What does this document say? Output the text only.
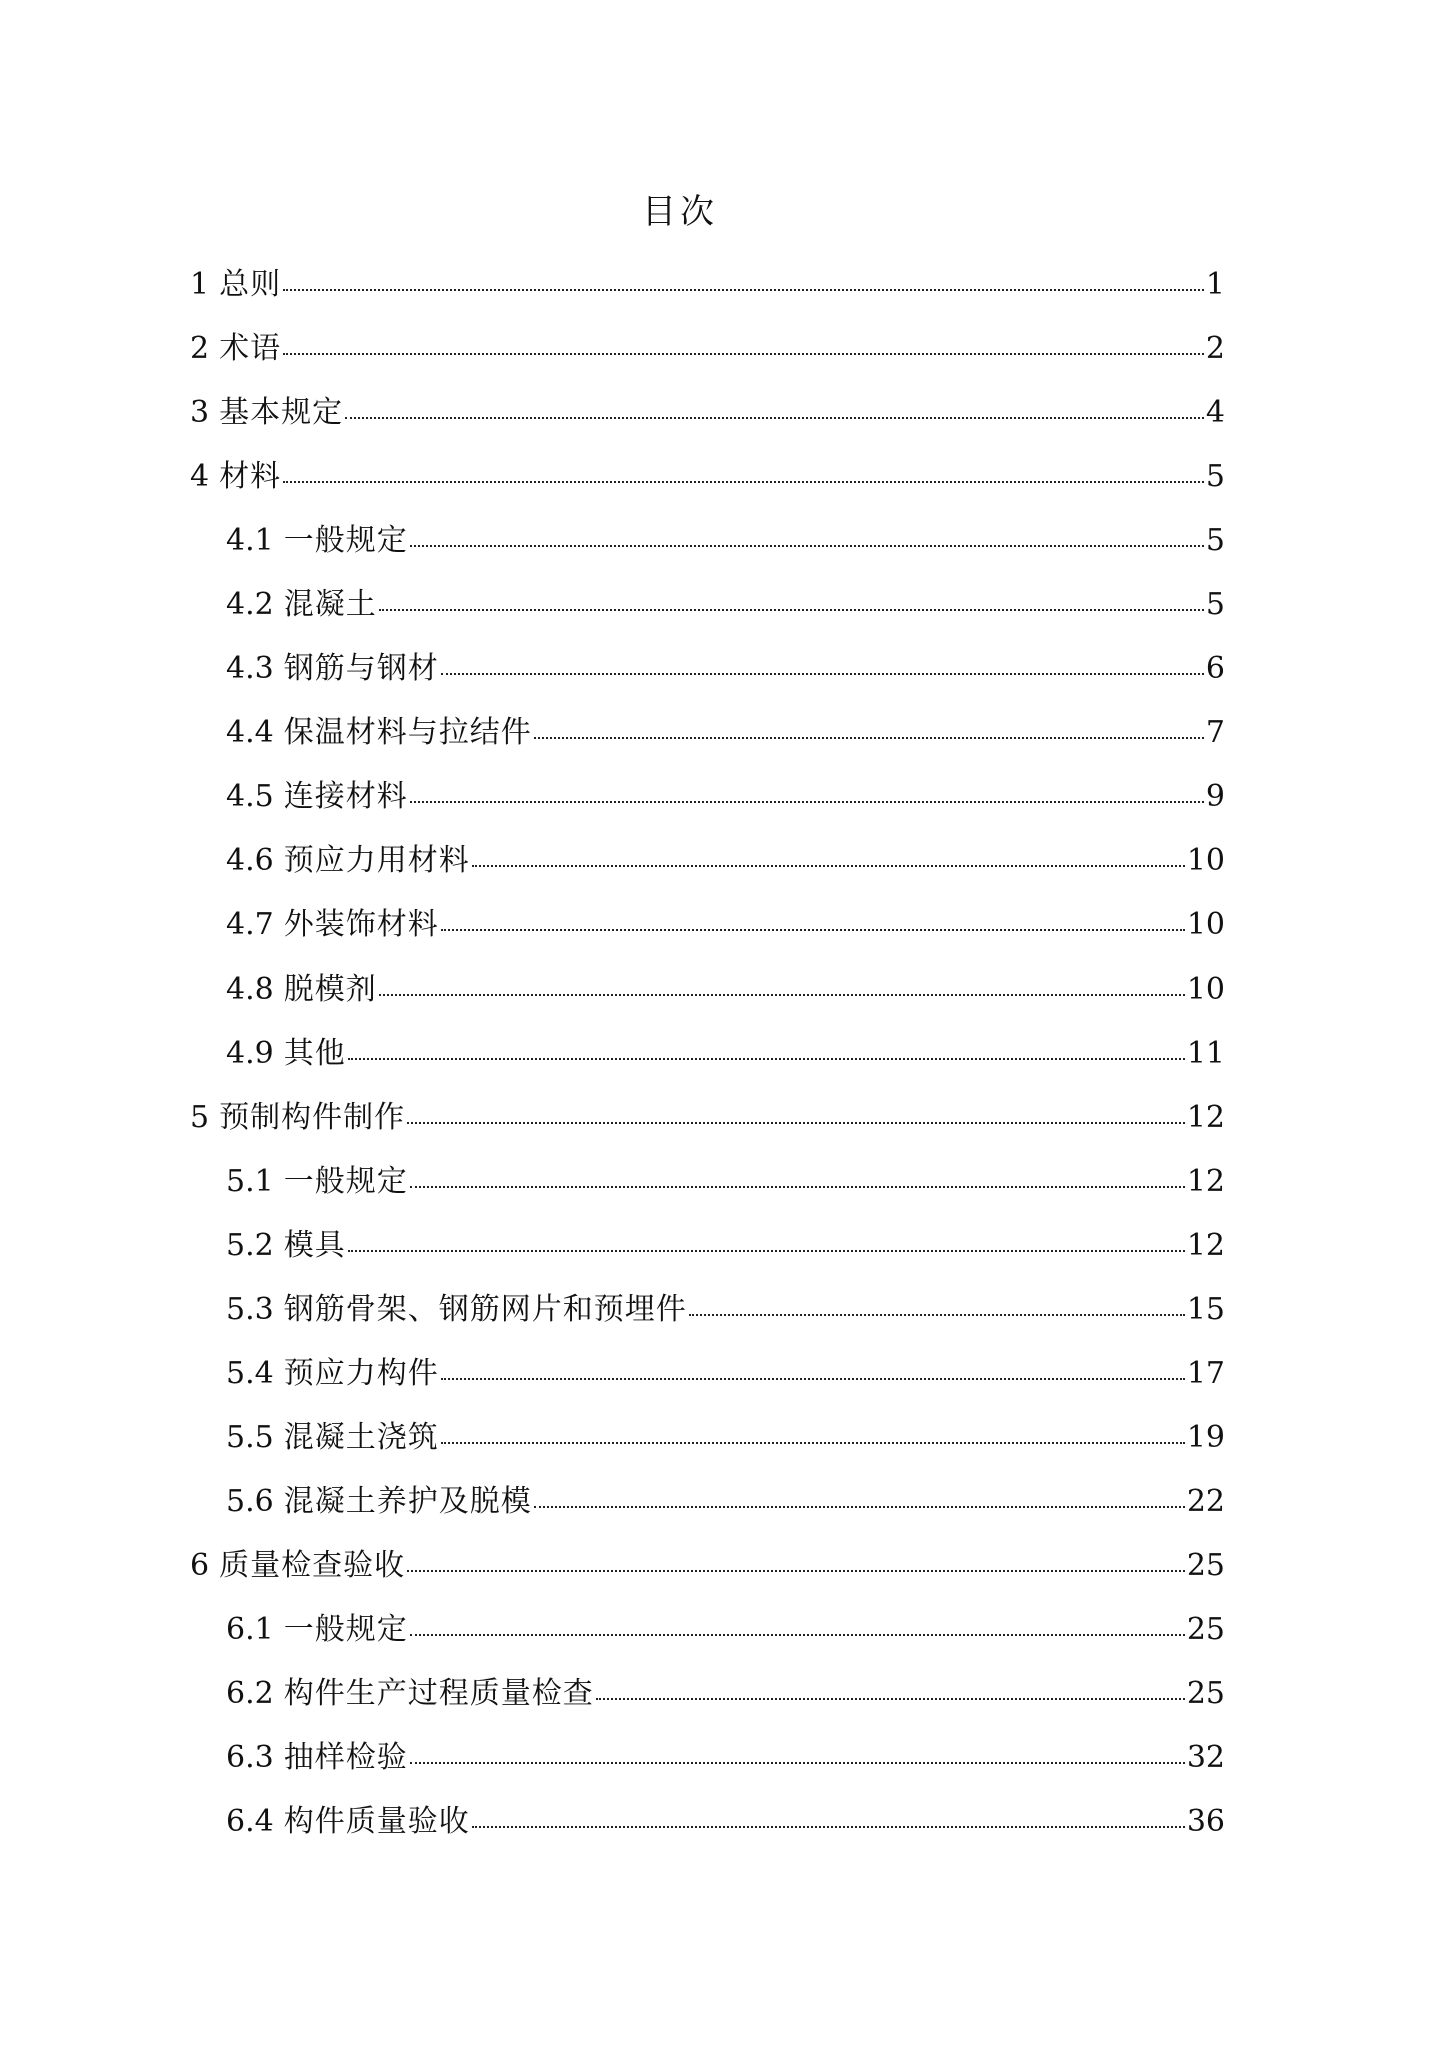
目次
1 总则	1
2 术语	2
3 基本规定	4
4 材料	5
4.1 一般规定	5
4.2 混凝土	5
4.3 钢筋与钢材	6
4.4 保温材料与拉结件	7
4.5 连接材料	9
4.6 预应力用材料	10
4.7 外装饰材料	10
4.8 脱模剂	10
4.9 其他	11
5 预制构件制作	12
5.1 一般规定	12
5.2 模具	12
5.3 钢筋骨架、钢筋网片和预埋件	15
5.4 预应力构件	17
5.5 混凝土浇筑	19
5.6 混凝土养护及脱模	22
6 质量检查验收	25
6.1 一般规定	25
6.2 构件生产过程质量检查	25
6.3 抽样检验	32
6.4 构件质量验收	36
